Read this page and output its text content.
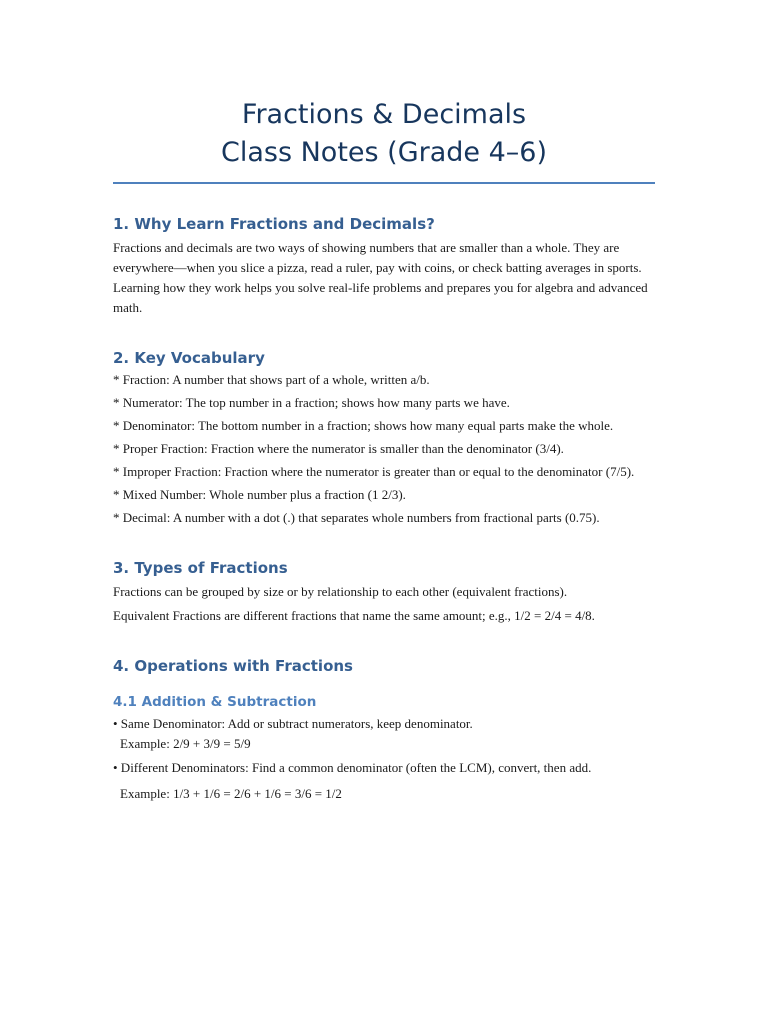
Fractions & Decimals
Class Notes (Grade 4–6)
1. Why Learn Fractions and Decimals?

Fractions and decimals are two ways of showing numbers that are smaller than a whole. They are everywhere—when you slice a pizza, read a ruler, pay with coins, or check batting averages in sports. Learning how they work helps you solve real-life problems and prepares you for algebra and advanced math.

2. Key Vocabulary
* Fraction: A number that shows part of a whole, written a/b.
* Numerator: The top number in a fraction; shows how many parts we have.
* Denominator: The bottom number in a fraction; shows how many equal parts make the whole.
* Proper Fraction: Fraction where the numerator is smaller than the denominator (3/4).
* Improper Fraction: Fraction where the numerator is greater than or equal to the denominator (7/5).
* Mixed Number: Whole number plus a fraction (1 2/3).
* Decimal: A number with a dot (.) that separates whole numbers from fractional parts (0.75).
3. Types of Fractions

Fractions can be grouped by size or by relationship to each other (equivalent fractions).

Equivalent Fractions are different fractions that name the same amount; e.g., 1/2 = 2/4 = 4/8.

4. Operations with Fractions
4.1 Addition & Subtraction

• Same Denominator: Add or subtract numerators, keep denominator.

Example: 2/9 + 3/9 = 5/9

• Different Denominators: Find a common denominator (often the LCM), convert, then add.

Example: 1/3 + 1/6 = 2/6 + 1/6 = 3/6 = 1/2
